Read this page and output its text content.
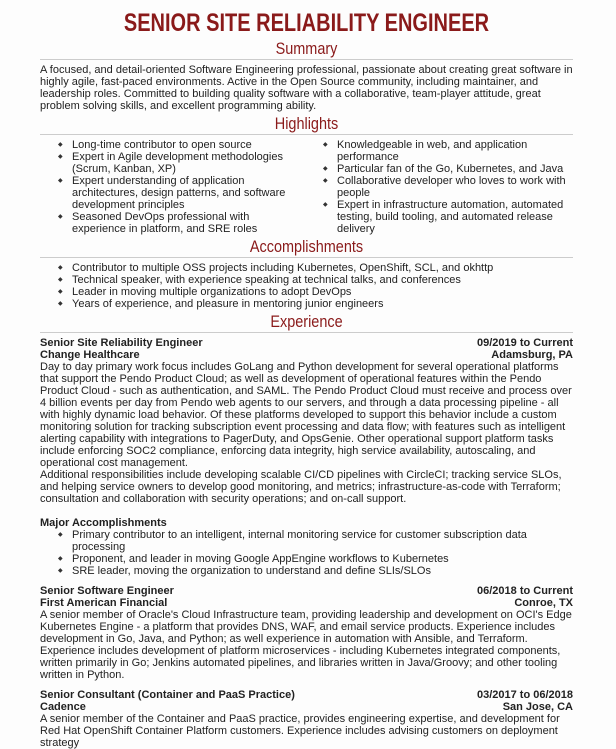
SENIOR SITE RELIABILITY ENGINEER
Summary

A focused, and detail-oriented Software Engineering professional, passionate about creating great software in highly agile, fast-paced environments. Active in the Open Source community, including maintainer, and leadership roles. Committed to building quality software with a collaborative, team-player attitude, great problem solving skills, and excellent programming ability.

Highlights
◆ Long-time contributor to open source
◆ Expert in Agile development methodologies (Scrum, Kanban, XP)
◆ Expert understanding of application architectures, design patterns, and software development principles
◆ Seasoned DevOps professional with experience in platform, and SRE roles
◆ Knowledgeable in web, and application performance
◆ Particular fan of the Go, Kubernetes, and Java
◆ Collaborative developer who loves to work with people
◆ Expert in infrastructure automation, automated testing, build tooling, and automated release delivery
Accomplishments
◆ Contributor to multiple OSS projects including Kubernetes, OpenShift, SCL, and okhttp
◆ Technical speaker, with experience speaking at technical talks, and conferences
◆ Leader in moving multiple organizations to adopt DevOps
◆ Years of experience, and pleasure in mentoring junior engineers
Experience
Senior Site Reliability Engineer	09/2019 to Current
Change Healthcare	Adamsburg, PA

Day to day primary work focus includes GoLang and Python development for several operational platforms that support the Pendo Product Cloud; as well as development of operational features within the Pendo Product Cloud - such as authentication, and SAML. The Pendo Product Cloud must receive and process over 4 billion events per day from Pendo web agents to our servers, and through a data processing pipeline - all with highly dynamic load behavior. Of these platforms developed to support this behavior include a custom monitoring solution for tracking subscription event processing and data flow; with features such as intelligent alerting capability with integrations to PagerDuty, and OpsGenie. Other operational support platform tasks include enforcing SOC2 compliance, enforcing data integrity, high service availability, autoscaling, and operational cost management.

Additional responsibilities include developing scalable CI/CD pipelines with CircleCI; tracking service SLOs, and helping service owners to develop good monitoring, and metrics; infrastructure-as-code with Terraform; consultation and collaboration with security operations; and on-call support.

Major Accomplishments
◆ Primary contributor to an intelligent, internal monitoring service for customer subscription data processing
◆ Proponent, and leader in moving Google AppEngine workflows to Kubernetes
◆ SRE leader, moving the organization to understand and define SLIs/SLOs
Senior Software Engineer	06/2018 to Current
First American Financial	Conroe, TX

A senior member of Oracle's Cloud Infrastructure team, providing leadership and development on OCI's Edge Kubernetes Engine - a platform that provides DNS, WAF, and email service products. Experience includes development in Go, Java, and Python; as well experience in automation with Ansible, and Terraform. Experience includes development of platform microservices - including Kubernetes integrated components, written primarily in Go; Jenkins automated pipelines, and libraries written in Java/Groovy; and other tooling written in Python.

Senior Consultant (Container and PaaS Practice)	03/2017 to 06/2018
Cadence	San Jose, CA

A senior member of the Container and PaaS practice, provides engineering expertise, and development for Red Hat OpenShift Container Platform customers. Experience includes advising customers on deployment strategy
